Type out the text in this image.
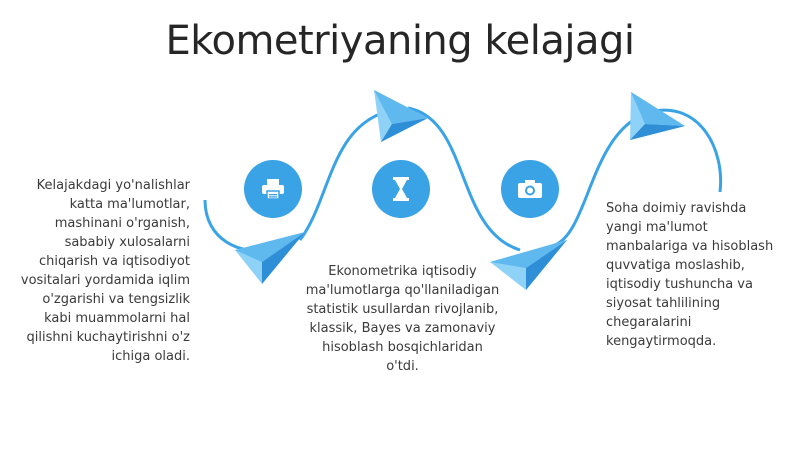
Ekometriyaning kelajagi
Kelajakdagi yo'nalishlar katta ma'lumotlar, mashinani o'rganish, sababiy xulosalarni chiqarish va iqtisodiyot vositalari yordamida iqlim o'zgarishi va tengsizlik kabi muammolarni hal qilishni kuchaytirishni o'z ichiga oladi.
Ekonometrika iqtisodiy ma'lumotlarga qo'llaniladigan statistik usullardan rivojlanib, klassik, Bayes va zamonaviy hisoblash bosqichlaridan o'tdi.
Soha doimiy ravishda yangi ma'lumot manbalariga va hisoblash quvvatiga moslashib, iqtisodiy tushuncha va siyosat tahlilining chegaralarini kengaytirmoqda.
